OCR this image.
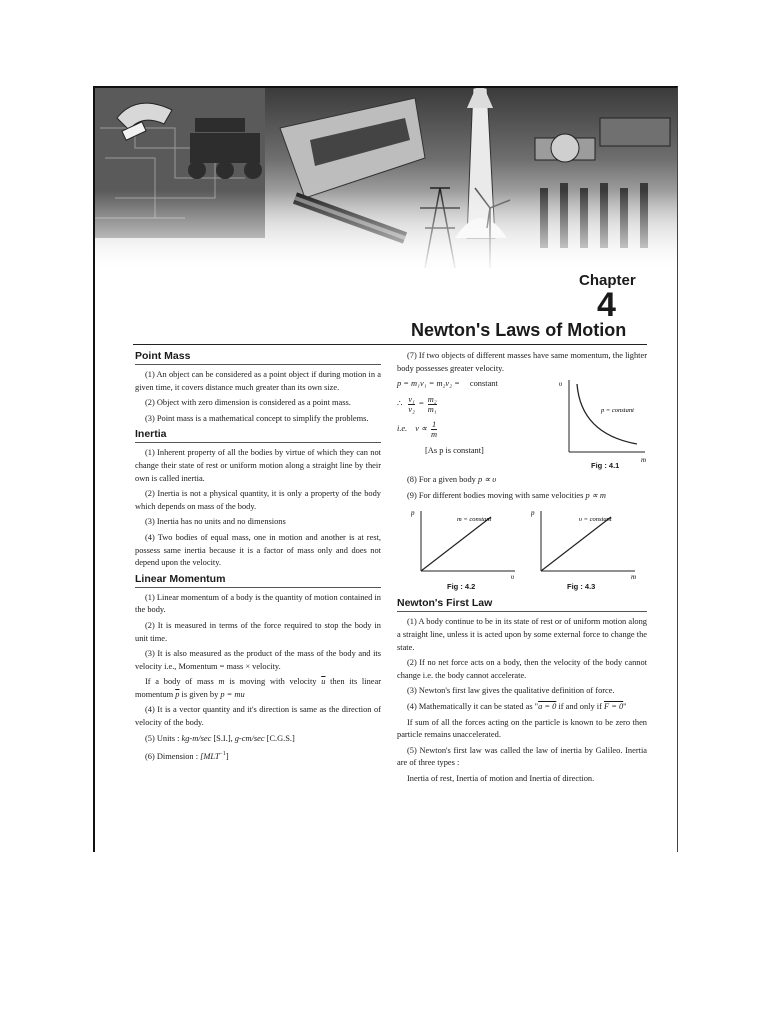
Chapter
4
Newton's Laws of Motion
Point Mass

(1) An object can be considered as a point object if during motion in a given time, it covers distance much greater than its own size.

(2) Object with zero dimension is considered as a point mass.

(3) Point mass is a mathematical concept to simplify the problems.

Inertia

(1) Inherent property of all the bodies by virtue of which they can not change their state of rest or uniform motion along a straight line by their own is called inertia.

(2) Inertia is not a physical quantity, it is only a property of the body which depends on mass of the body.

(3) Inertia has no units and no dimensions

(4) Two bodies of equal mass, one in motion and another is at rest, possess same inertia because it is a factor of mass only and does not depend upon the velocity.

Linear Momentum

(1) Linear momentum of a body is the quantity of motion contained in the body.

(2) It is measured in terms of the force required to stop the body in unit time.

(3) It is also measured as the product of the mass of the body and its velocity i.e., Momentum = mass × velocity.

If a body of mass m is moving with velocity $\overline{u}$ then its linear momentum $\overline{p}$ is given by p = mu

(4) It is a vector quantity and it's direction is same as the direction of velocity of the body.

(5) Units : kg-m/sec [S.I.], g-cm/sec [C.G.S.]

(6) Dimension : $[MLT^{-1}]$

(7) If two objects of different masses have same momentum, the lighter body possesses greater velocity.

p = m₁v₁ = m₂v₂ = constant
∴ $\frac{\text{v₁}}{\text{v₂}} = \frac{\text{m₂}}{\text{m₁}}$
i.e. v ∝ 1
m
[As p is constant]
υ
m
p = constant
Fig : 4.1

(8) For a given body p ∝ υ

(9) For different bodies moving with same velocities p ∝ m

p
υ
m = constant
Fig : 4.2
p
m
υ = constant
Fig : 4.3
Newton's First Law

(1) A body continue to be in its state of rest or of uniform motion along a straight line, unless it is acted upon by some external force to change the state.

(2) If no net force acts on a body, then the velocity of the body cannot change i.e. the body cannot accelerate.

(3) Newton's first law gives the qualitative definition of force.

(4) Mathematically it can be stated as "a = 0 if and only if F = 0"

If sum of all the forces acting on the particle is known to be zero then particle remains unaccelerated.

(5) Newton's first law was called the law of inertia by Galileo. Inertia are of three types :

Inertia of rest, Inertia of motion and Inertia of direction.
